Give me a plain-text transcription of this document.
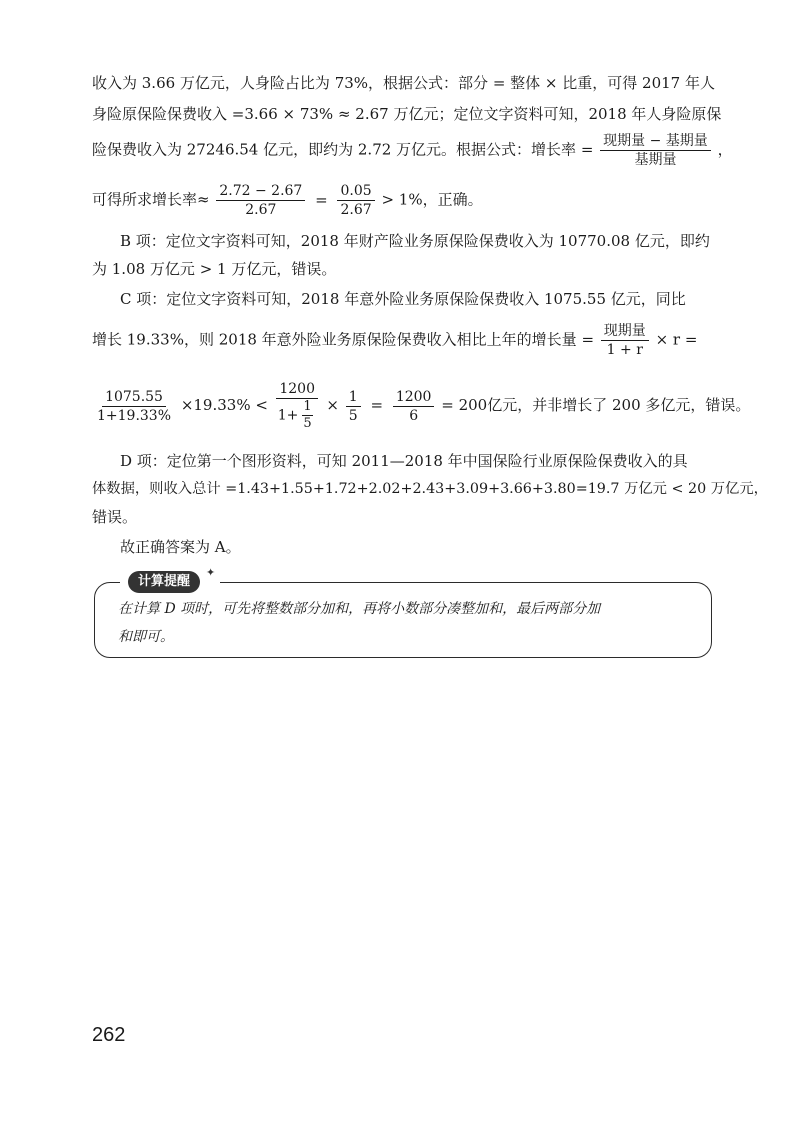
收入为 3.66 万亿元，人身险占比为 73%，根据公式：部分 = 整体 × 比重，可得 2017 年人
身险原保险保费收入 =3.66 × 73% ≈ 2.67 万亿元；定位文字资料可知，2018 年人身险原保
险保费收入为 27246.54 亿元，即约为 2.72 万亿元。根据公式：增长率 = $\frac{\text{现期量 − 基期量}}{\text{基期量}}$ ，
可得所求增长率≈ $\frac{2.72 - 2.67}{2.67} = \frac{0.05}{2.67} > 1\%$，正确。
B 项：定位文字资料可知，2018 年财产险业务原保险保费收入为 10770.08 亿元，即约
为 1.08 万亿元 > 1 万亿元，错误。
C 项：定位文字资料可知，2018 年意外险业务原保险保费收入 1075.55 亿元，同比
增长 19.33%，则 2018 年意外险业务原保险保费收入相比上年的增长量 = $\frac{\text{现期量}}{1 + r} \times r$ =
$\frac{1075.55}{1+19.33\%} \times 19.33\% < \frac{1200}{1+ \frac{1}{5}} \times \frac{1}{5} = \frac{1200}{6} = 200$亿元，并非增长了 200 多亿元，错误。
D 项：定位第一个图形资料，可知 2011—2018 年中国保险行业原保险保费收入的具
体数据，则收入总计 =1.43+1.55+1.72+2.02+2.43+3.09+3.66+3.80=19.7 万亿元 < 20 万亿元，
错误。
故正确答案为 A。
计算提醒
✦
在计算 D 项时，可先将整数部分加和，再将小数部分凑整加和，最后两部分加
和即可。
262
